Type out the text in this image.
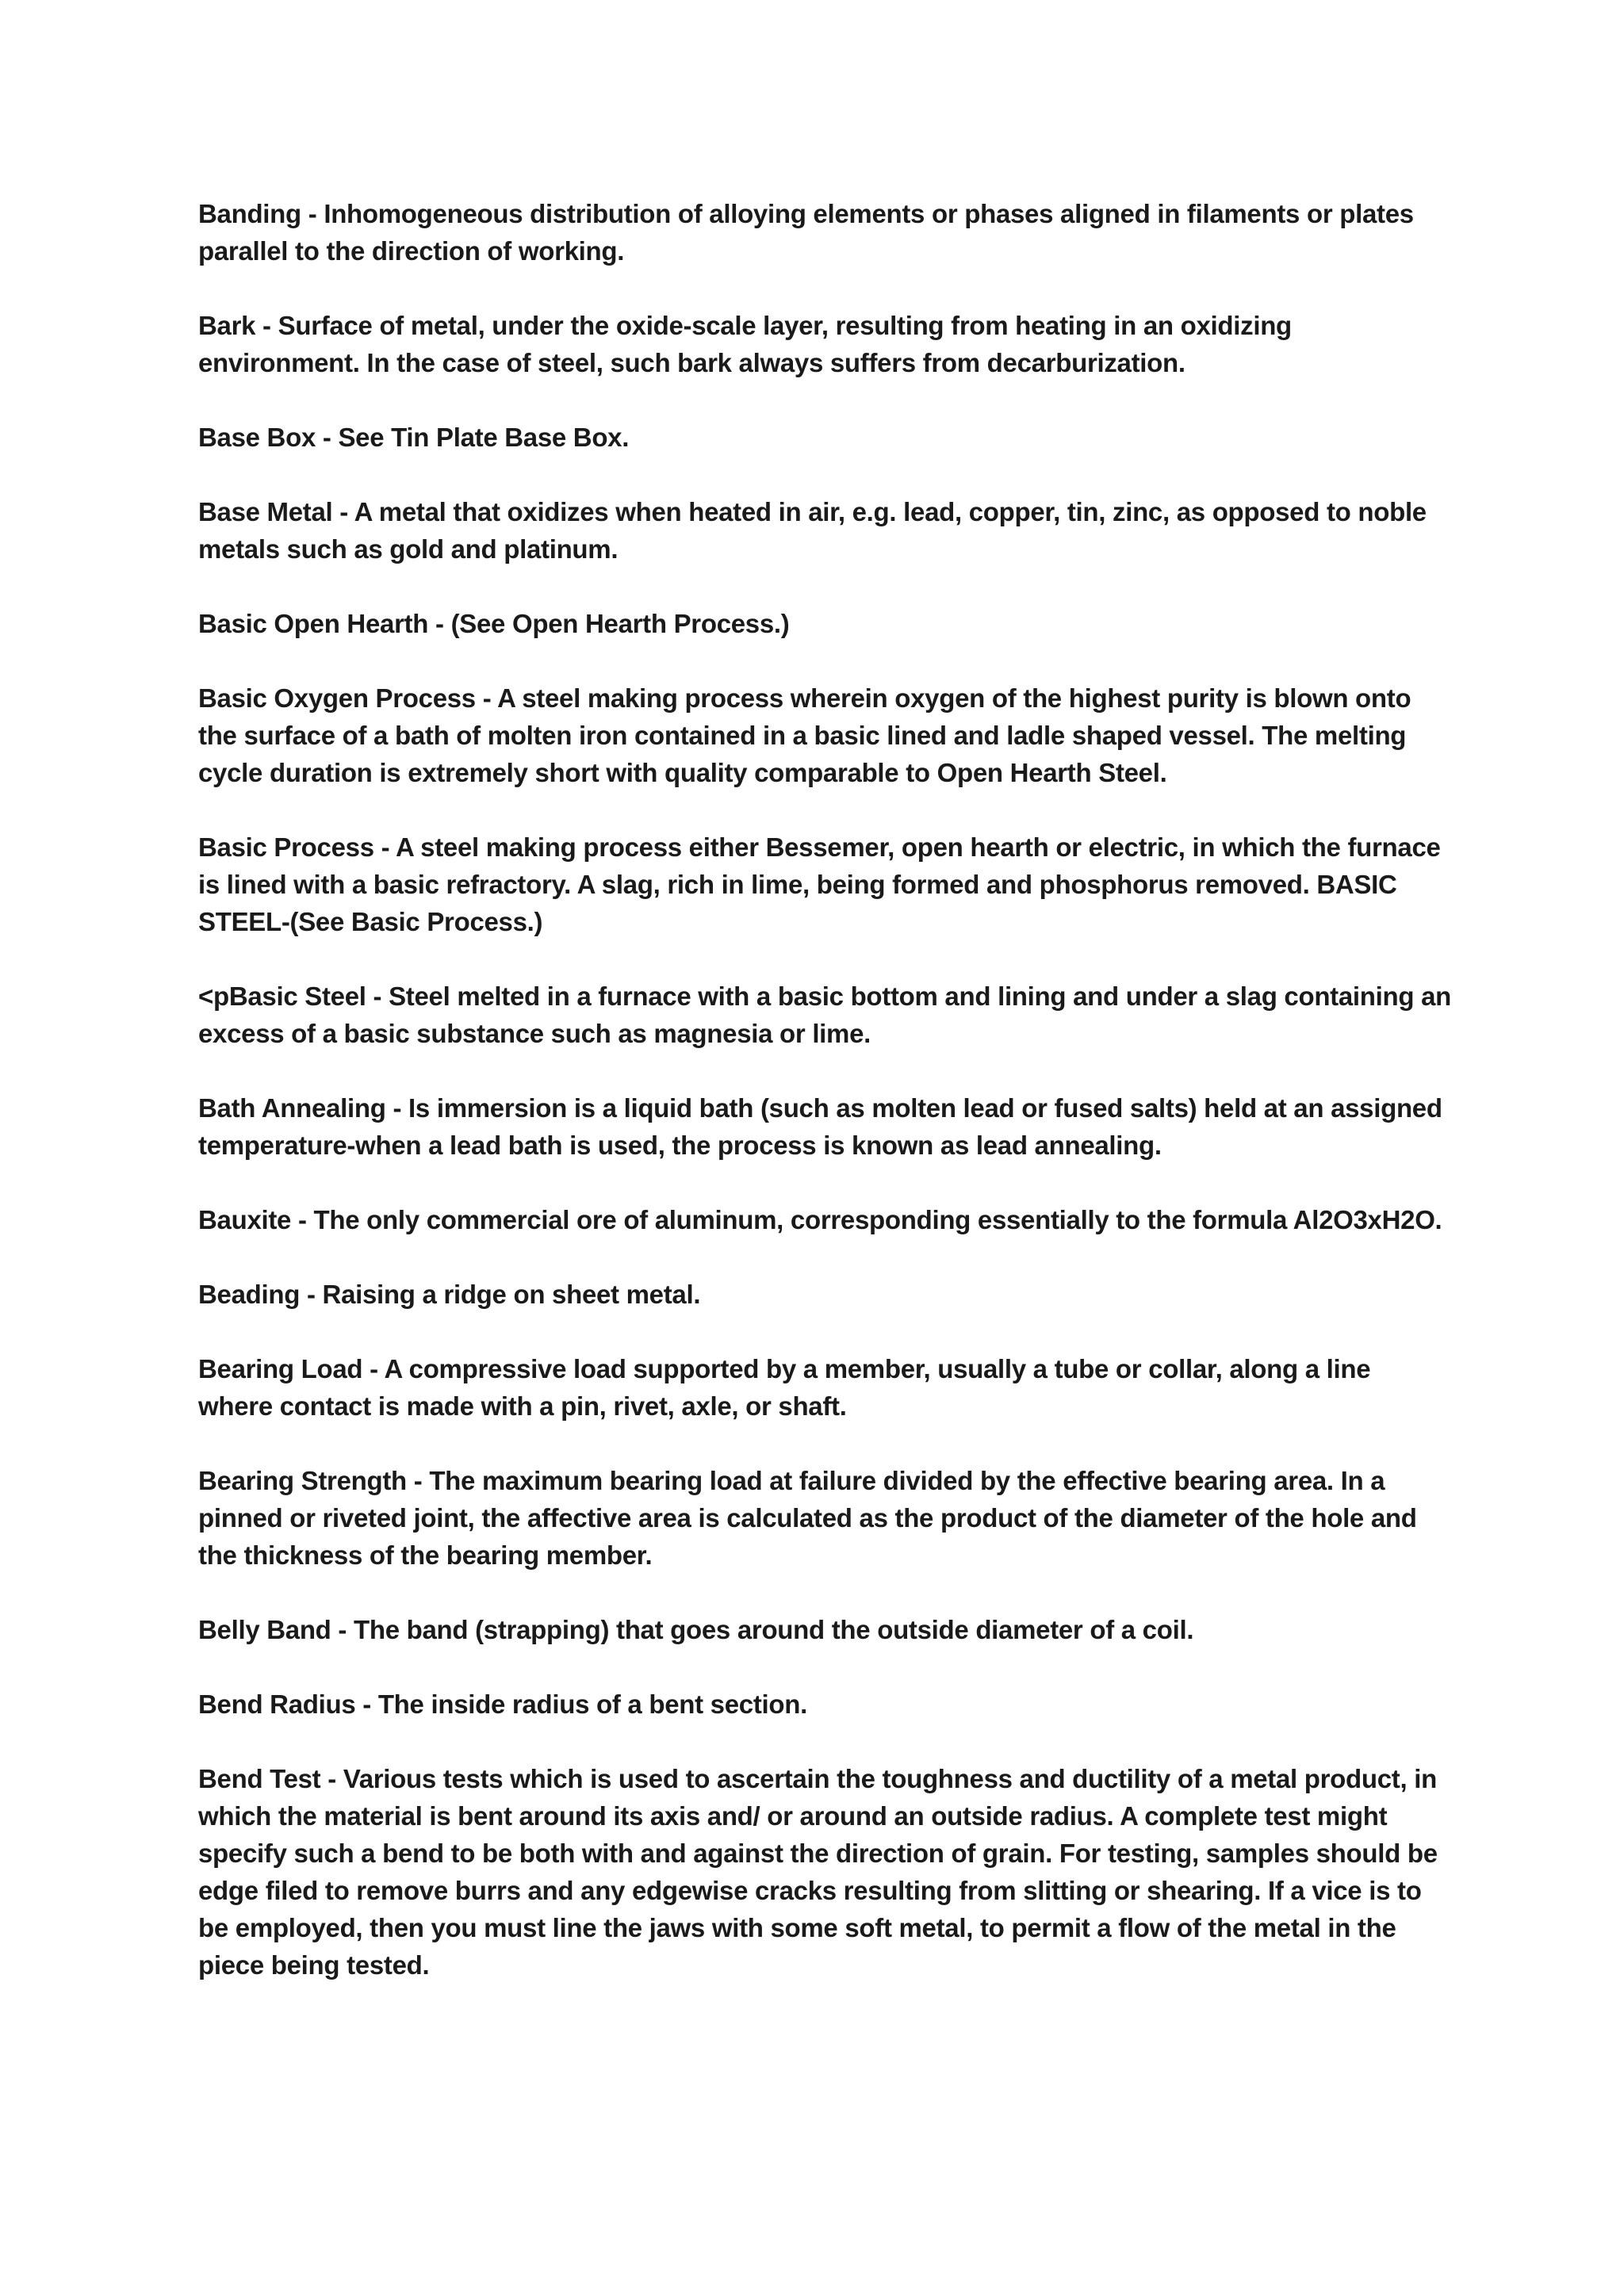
Banding - Inhomogeneous distribution of alloying elements or phases aligned in filaments or plates parallel to the direction of working.

Bark - Surface of metal, under the oxide-scale layer, resulting from heating in an oxidizing environment. In the case of steel, such bark always suffers from decarburization.

Base Box - See Tin Plate Base Box.

Base Metal - A metal that oxidizes when heated in air, e.g. lead, copper, tin, zinc, as opposed to noble metals such as gold and platinum.

Basic Open Hearth - (See Open Hearth Process.)

Basic Oxygen Process - A steel making process wherein oxygen of the highest purity is blown onto the surface of a bath of molten iron contained in a basic lined and ladle shaped vessel. The melting cycle duration is extremely short with quality comparable to Open Hearth Steel.

Basic Process - A steel making process either Bessemer, open hearth or electric, in which the furnace is lined with a basic refractory. A slag, rich in lime, being formed and phosphorus removed. BASIC STEEL-(See Basic Process.)

<pBasic Steel - Steel melted in a furnace with a basic bottom and lining and under a slag containing an excess of a basic substance such as magnesia or lime.

Bath Annealing - Is immersion is a liquid bath (such as molten lead or fused salts) held at an assigned temperature-when a lead bath is used, the process is known as lead annealing.

Bauxite - The only commercial ore of aluminum, corresponding essentially to the formula Al2O3xH2O.

Beading - Raising a ridge on sheet metal.

Bearing Load - A compressive load supported by a member, usually a tube or collar, along a line where contact is made with a pin, rivet, axle, or shaft.

Bearing Strength - The maximum bearing load at failure divided by the effective bearing area. In a pinned or riveted joint, the affective area is calculated as the product of the diameter of the hole and the thickness of the bearing member.

Belly Band - The band (strapping) that goes around the outside diameter of a coil.

Bend Radius - The inside radius of a bent section.

Bend Test - Various tests which is used to ascertain the toughness and ductility of a metal product, in which the material is bent around its axis and/ or around an outside radius. A complete test might specify such a bend to be both with and against the direction of grain. For testing, samples should be edge filed to remove burrs and any edgewise cracks resulting from slitting or shearing. If a vice is to be employed, then you must line the jaws with some soft metal, to permit a flow of the metal in the piece being tested.
